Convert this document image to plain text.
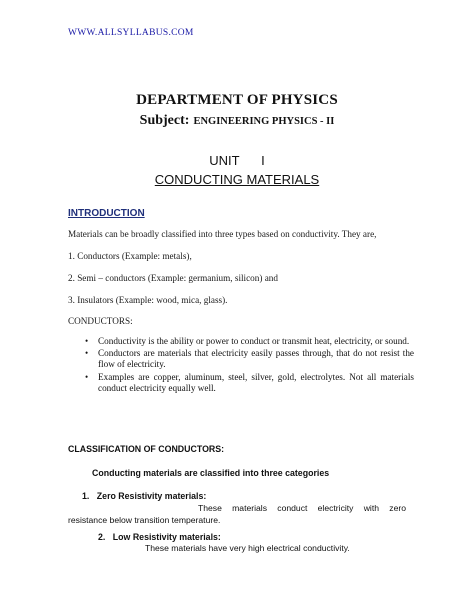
WWW.ALLSYLLABUS.COM
DEPARTMENT OF PHYSICS
Subject: ENGINEERING PHYSICS - II
UNIT I
CONDUCTING MATERIALS
INTRODUCTION
Materials can be broadly classified into three types based on conductivity. They are,
1. Conductors (Example: metals),
2. Semi – conductors (Example: germanium, silicon) and
3. Insulators (Example: wood, mica, glass).
CONDUCTORS:
• Conductivity is the ability or power to conduct or transmit heat, electricity, or sound.
• Conductors are materials that electricity easily passes through, that do not resist the flow of electricity.
• Examples are copper, aluminum, steel, silver, gold, electrolytes. Not all materials conduct electricity equally well.
CLASSIFICATION OF CONDUCTORS:
Conducting materials are classified into three categories
1. Zero Resistivity materials:
These materials conduct electricity with zero resistance below transition temperature.
2. Low Resistivity materials:
These materials have very high electrical conductivity.
